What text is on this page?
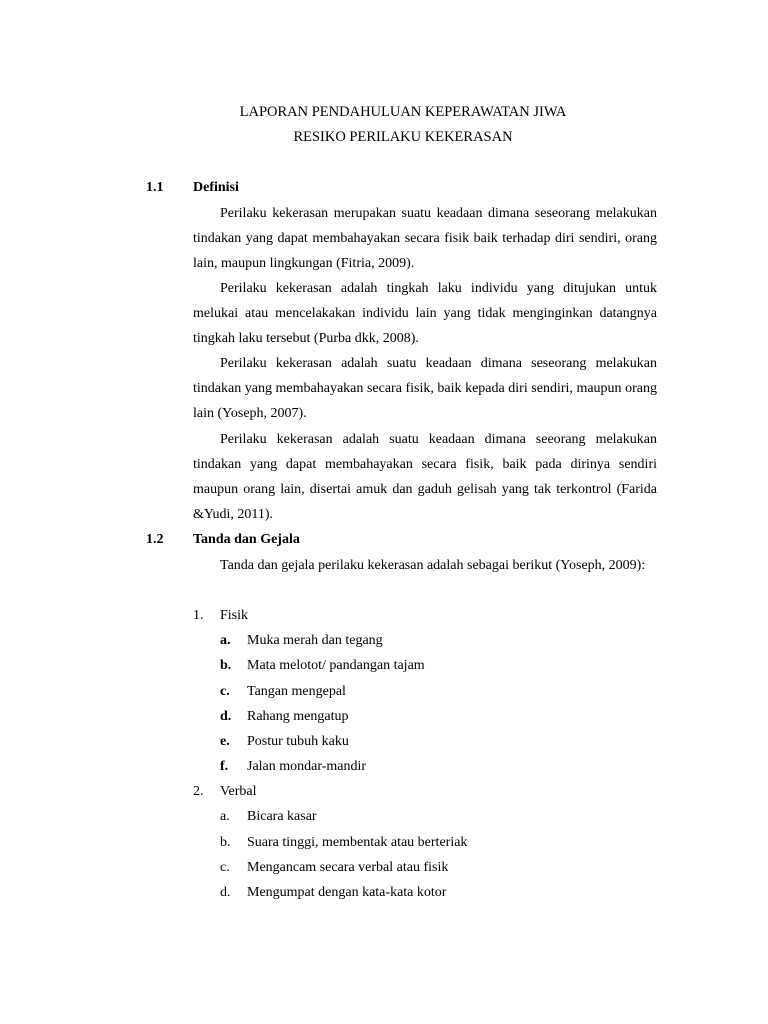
LAPORAN PENDAHULUAN KEPERAWATAN JIWA
RESIKO PERILAKU KEKERASAN
1.1 Definisi
Perilaku kekerasan merupakan suatu keadaan dimana seseorang melakukan tindakan yang dapat membahayakan secara fisik baik terhadap diri sendiri, orang lain, maupun lingkungan (Fitria, 2009).
Perilaku kekerasan adalah tingkah laku individu yang ditujukan untuk melukai atau mencelakakan individu lain yang tidak menginginkan datangnya tingkah laku tersebut (Purba dkk, 2008).
Perilaku kekerasan adalah suatu keadaan dimana seseorang melakukan tindakan yang membahayakan secara fisik, baik kepada diri sendiri, maupun orang lain (Yoseph, 2007).
Perilaku kekerasan adalah suatu keadaan dimana seeorang melakukan tindakan yang dapat membahayakan secara fisik, baik pada dirinya sendiri maupun orang lain, disertai amuk dan gaduh gelisah yang tak terkontrol (Farida &Yudi, 2011).
1.2 Tanda dan Gejala
Tanda dan gejala perilaku kekerasan adalah sebagai berikut (Yoseph, 2009):
1. Fisik
a. Muka merah dan tegang
b. Mata melotot/ pandangan tajam
c. Tangan mengepal
d. Rahang mengatup
e. Postur tubuh kaku
f. Jalan mondar-mandir
2. Verbal
a. Bicara kasar
b. Suara tinggi, membentak atau berteriak
c. Mengancam secara verbal atau fisik
d. Mengumpat dengan kata-kata kotor
